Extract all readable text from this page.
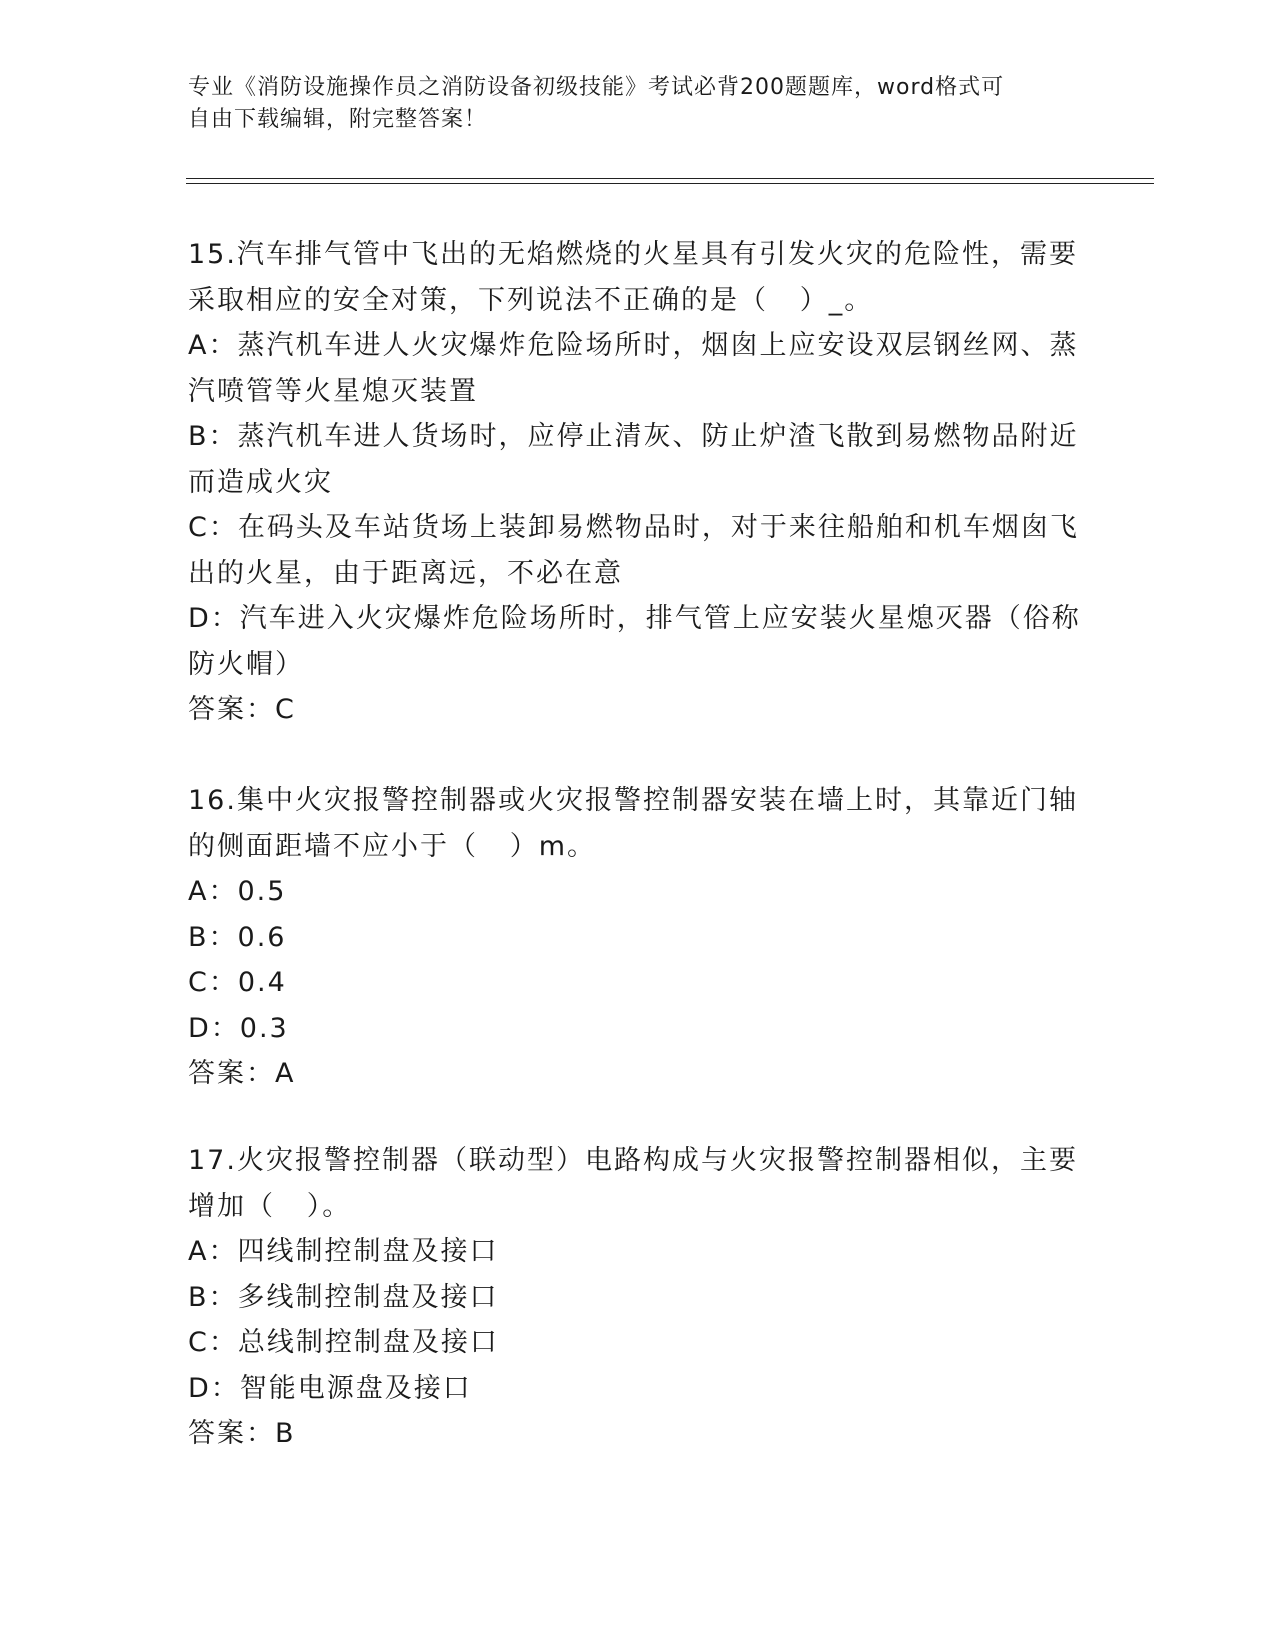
专业《消防设施操作员之消防设备初级技能》考试必背200题题库，word格式可
自由下载编辑，附完整答案！
15.汽车排气管中飞出的无焰燃烧的火星具有引发火灾的危险性，需要
采取相应的安全对策，下列说法不正确的是（   ）_。
A：蒸汽机车进人火灾爆炸危险场所时，烟囱上应安设双层钢丝网、蒸
汽喷管等火星熄灭装置
B：蒸汽机车进人货场时，应停止清灰、防止炉渣飞散到易燃物品附近
而造成火灾
C：在码头及车站货场上装卸易燃物品时，对于来往船舶和机车烟囱飞
出的火星，由于距离远，不必在意
D：汽车进入火灾爆炸危险场所时，排气管上应安装火星熄灭器（俗称
防火帽）
答案：C
16.集中火灾报警控制器或火灾报警控制器安装在墙上时，其靠近门轴
的侧面距墙不应小于（   ）m。
A：0.5
B：0.6
C：0.4
D：0.3
答案：A
17.火灾报警控制器（联动型）电路构成与火灾报警控制器相似，主要
增加（   ）。
A：四线制控制盘及接口
B：多线制控制盘及接口
C：总线制控制盘及接口
D：智能电源盘及接口
答案：B
